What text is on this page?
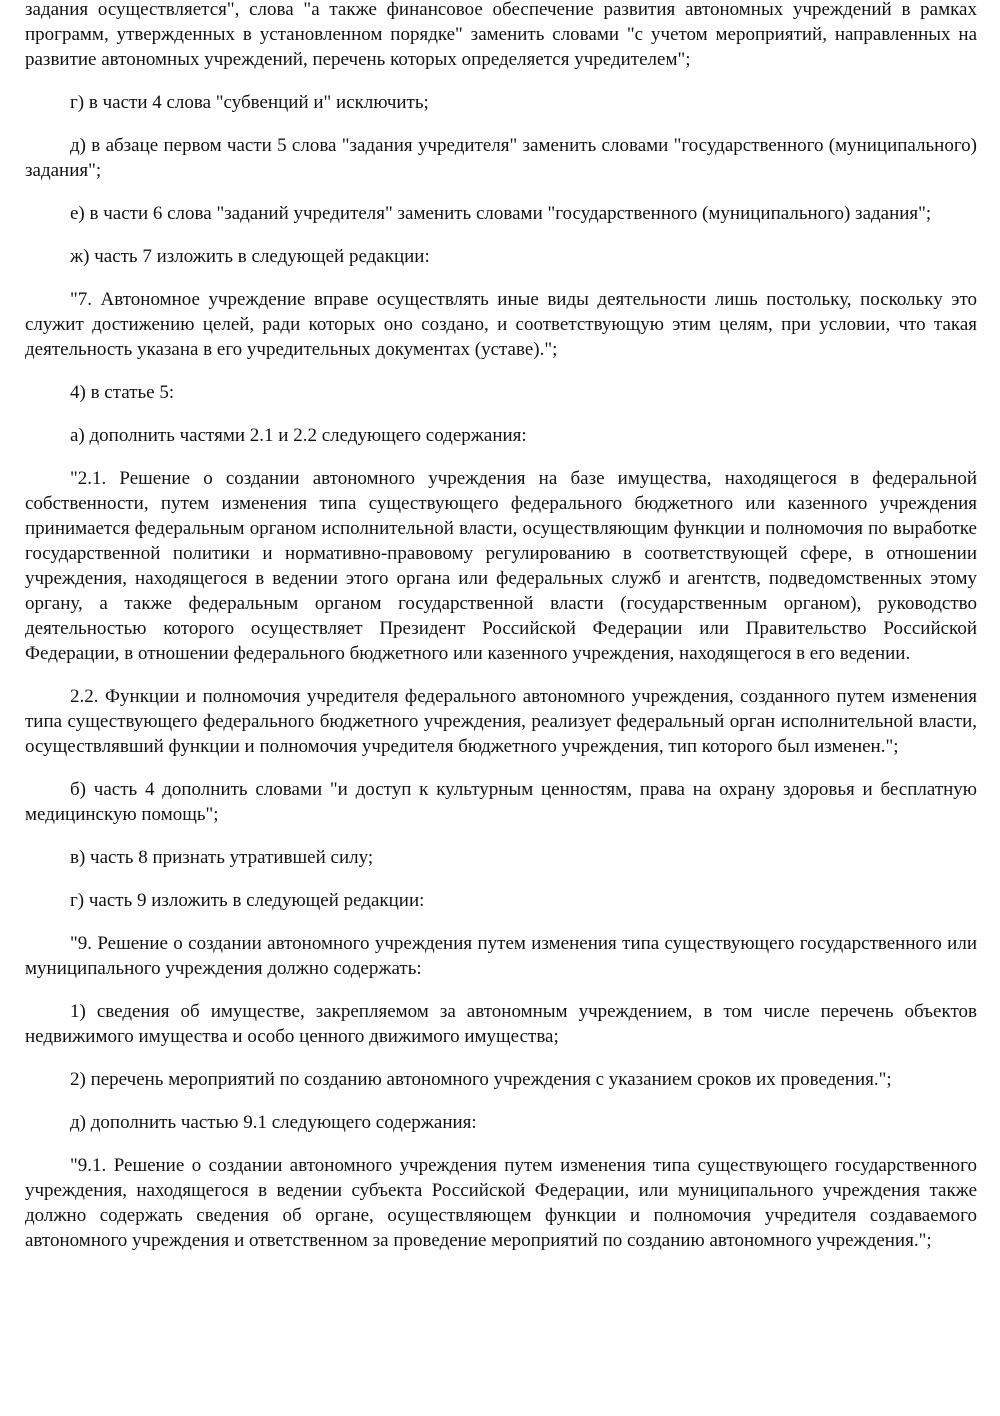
задания осуществляется", слова "а также финансовое обеспечение развития автономных учреждений в рамках программ, утвержденных в установленном порядке" заменить словами "с учетом мероприятий, направленных на развитие автономных учреждений, перечень которых определяется учредителем";

г) в части 4 слова "субвенций и" исключить;

д) в абзаце первом части 5 слова "задания учредителя" заменить словами "государственного (муниципального) задания";

е) в части 6 слова "заданий учредителя" заменить словами "государственного (муниципального) задания";

ж) часть 7 изложить в следующей редакции:

"7. Автономное учреждение вправе осуществлять иные виды деятельности лишь постольку, поскольку это служит достижению целей, ради которых оно создано, и соответствующую этим целям, при условии, что такая деятельность указана в его учредительных документах (уставе).";

4) в статье 5:

а) дополнить частями 2.1 и 2.2 следующего содержания:

"2.1. Решение о создании автономного учреждения на базе имущества, находящегося в федеральной собственности, путем изменения типа существующего федерального бюджетного или казенного учреждения принимается федеральным органом исполнительной власти, осуществляющим функции и полномочия по выработке государственной политики и нормативно-правовому регулированию в соответствующей сфере, в отношении учреждения, находящегося в ведении этого органа или федеральных служб и агентств, подведомственных этому органу, а также федеральным органом государственной власти (государственным органом), руководство деятельностью которого осуществляет Президент Российской Федерации или Правительство Российской Федерации, в отношении федерального бюджетного или казенного учреждения, находящегося в его ведении.

2.2. Функции и полномочия учредителя федерального автономного учреждения, созданного путем изменения типа существующего федерального бюджетного учреждения, реализует федеральный орган исполнительной власти, осуществлявший функции и полномочия учредителя бюджетного учреждения, тип которого был изменен.";

б) часть 4 дополнить словами "и доступ к культурным ценностям, права на охрану здоровья и бесплатную медицинскую помощь";

в) часть 8 признать утратившей силу;

г) часть 9 изложить в следующей редакции:

"9. Решение о создании автономного учреждения путем изменения типа существующего государственного или муниципального учреждения должно содержать:

1) сведения об имуществе, закрепляемом за автономным учреждением, в том числе перечень объектов недвижимого имущества и особо ценного движимого имущества;

2) перечень мероприятий по созданию автономного учреждения с указанием сроков их проведения.";

д) дополнить частью 9.1 следующего содержания:

"9.1. Решение о создании автономного учреждения путем изменения типа существующего государственного учреждения, находящегося в ведении субъекта Российской Федерации, или муниципального учреждения также должно содержать сведения об органе, осуществляющем функции и полномочия учредителя создаваемого автономного учреждения и ответственном за проведение мероприятий по созданию автономного учреждения.";
